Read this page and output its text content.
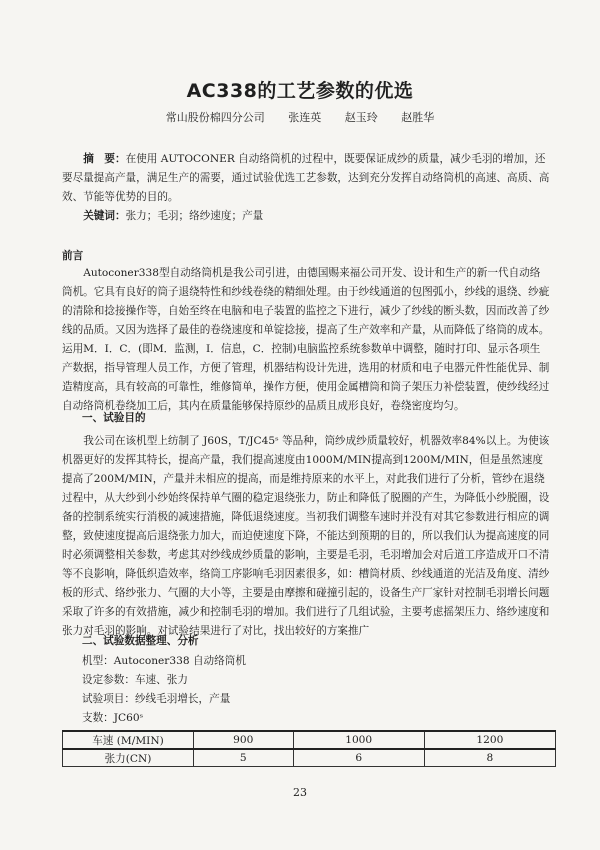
AC338的工艺参数的优选
常山股份棉四分公司 张连英 赵玉玲 赵胜华
摘　要：在使用 AUTOCONER 自动络筒机的过程中，既要保证成纱的质量，减少毛羽的增加，还要尽量提高产量，满足生产的需要，通过试验优选工艺参数，达到充分发挥自动络筒机的高速、高质、高效、节能等优势的目的。
关键词：张力；毛羽；络纱速度；产量
前言
Autoconer338型自动络筒机是我公司引进，由德国赐来福公司开发、设计和生产的新一代自动络筒机。它具有良好的筒子退绕特性和纱线卷绕的精细处理。由于纱线通道的包图弧小，纱线的退绕、纱疵的清除和捻接操作等，自始至终在电脑和电子装置的监控之下进行，减少了纱线的断头数，因而改善了纱线的品质。又因为选择了最佳的卷绕速度和单锭捻接，提高了生产效率和产量，从而降低了络筒的成本。运用M．I．C．(即M．监测，I．信息，C．控制)电脑监控系统参数单中调整，随时打印、显示各项生产数据，指导管理人员工作，方便了管理，机器结构设计先进，选用的材质和电子电器元件性能优异、制造精度高，具有较高的可靠性，维修简单，操作方便，使用金属槽筒和筒子架压力补偿装置，使纱线经过自动络筒机卷绕加工后，其内在质量能够保持原纱的品质且成形良好，卷绕密度均匀。
一、试验目的
我公司在该机型上纺制了 J60S，T/JC45ˢ 等品种，筒纱成纱质量较好，机器效率84%以上。为使该机器更好的发挥其特长，提高产量，我们提高速度由1000M/MIN提高到1200M/MIN，但是虽然速度提高了200M/MIN，产量并未相应的提高，而是维持原来的水平上，对此我们进行了分析，管纱在退绕过程中，从大纱到小纱始终保持单气圈的稳定退绕张力，防止和降低了脱圈的产生，为降低小纱脱圈，设备的控制系统实行消极的减速措施，降低退绕速度。当初我们调整车速时并没有对其它参数进行相应的调整，致使速度提高后退绕张力加大，而迫使速度下降，不能达到预期的目的，所以我们认为提高速度的同时必须调整相关参数，考虑其对纱线成纱质量的影响，主要是毛羽，毛羽增加会对后道工序造成开口不清等不良影响，降低织造效率，络筒工序影响毛羽因素很多，如：槽筒材质、纱线通道的光洁及角度、清纱板的形式、络纱张力、气圈的大小等，主要是由摩擦和碰撞引起的，设备生产厂家针对控制毛羽增长问题采取了许多的有效措施，减少和控制毛羽的增加。我们进行了几组试验，主要考虑摇架压力、络纱速度和张力对毛羽的影响。对试验结果进行了对比，找出较好的方案推广
二、试验数据整理、分析
机型：Autoconer338 自动络筒机
设定参数：车速、张力
试验项目：纱线毛羽增长，产量
支数：JC60ˢ
车速 (M/MIN)	900	1000	1200
张力(CN)	5	6	8
23
